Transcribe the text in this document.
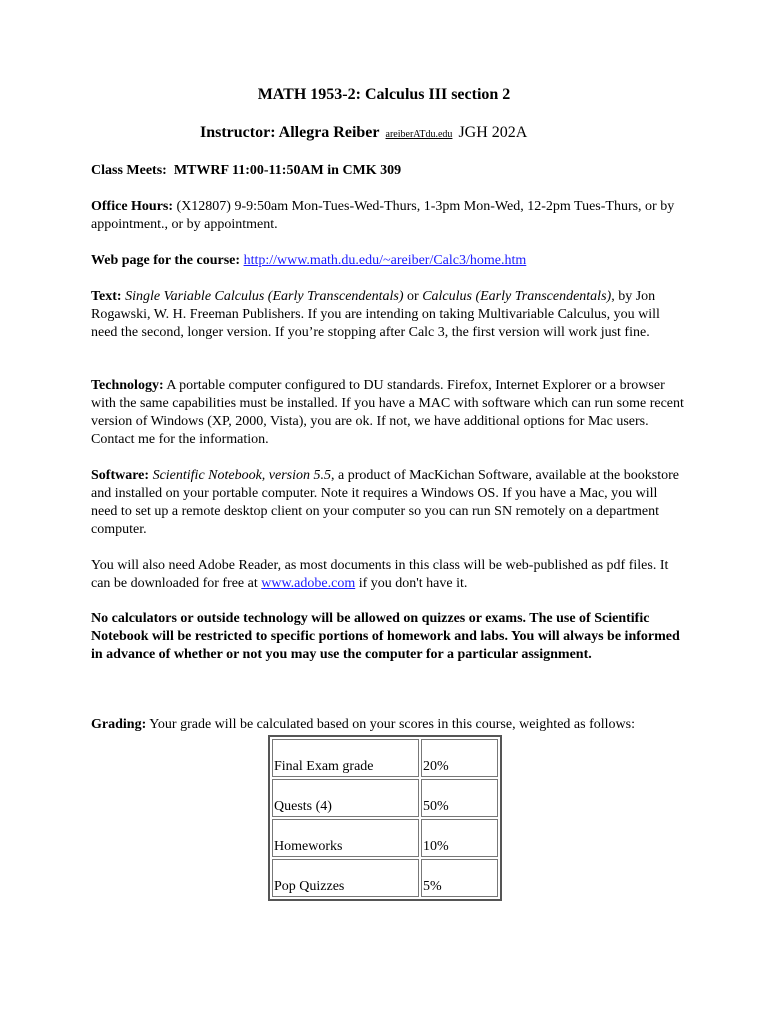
MATH 1953-2: Calculus III section 2
Instructor: Allegra Reiber areiberATdu.edu JGH 202A

Class Meets: MTWRF 11:00-11:50AM in CMK 309

Office Hours: (X12807) 9-9:50am Mon-Tues-Wed-Thurs, 1-3pm Mon-Wed, 12-2pm Tues-Thurs, or by appointment., or by appointment.

Web page for the course: http://www.math.du.edu/~areiber/Calc3/home.htm

Text: Single Variable Calculus (Early Transcendentals) or Calculus (Early Transcendentals), by Jon Rogawski, W. H. Freeman Publishers. If you are intending on taking Multivariable Calculus, you will need the second, longer version. If you’re stopping after Calc 3, the first version will work just fine.

Technology: A portable computer configured to DU standards. Firefox, Internet Explorer or a browser with the same capabilities must be installed. If you have a MAC with software which can run some recent version of Windows (XP, 2000, Vista), you are ok. If not, we have additional options for Mac users. Contact me for the information.

Software: Scientific Notebook, version 5.5, a product of MacKichan Software, available at the bookstore and installed on your portable computer. Note it requires a Windows OS. If you have a Mac, you will need to set up a remote desktop client on your computer so you can run SN remotely on a department computer.

You will also need Adobe Reader, as most documents in this class will be web-published as pdf files. It can be downloaded for free at www.adobe.com if you don't have it.

No calculators or outside technology will be allowed on quizzes or exams. The use of Scientific Notebook will be restricted to specific portions of homework and labs. You will always be informed in advance of whether or not you may use the computer for a particular assignment.

Grading: Your grade will be calculated based on your scores in this course, weighted as follows:

Final Exam grade	20%
Quests (4)	50%
Homeworks	10%
Pop Quizzes	5%
